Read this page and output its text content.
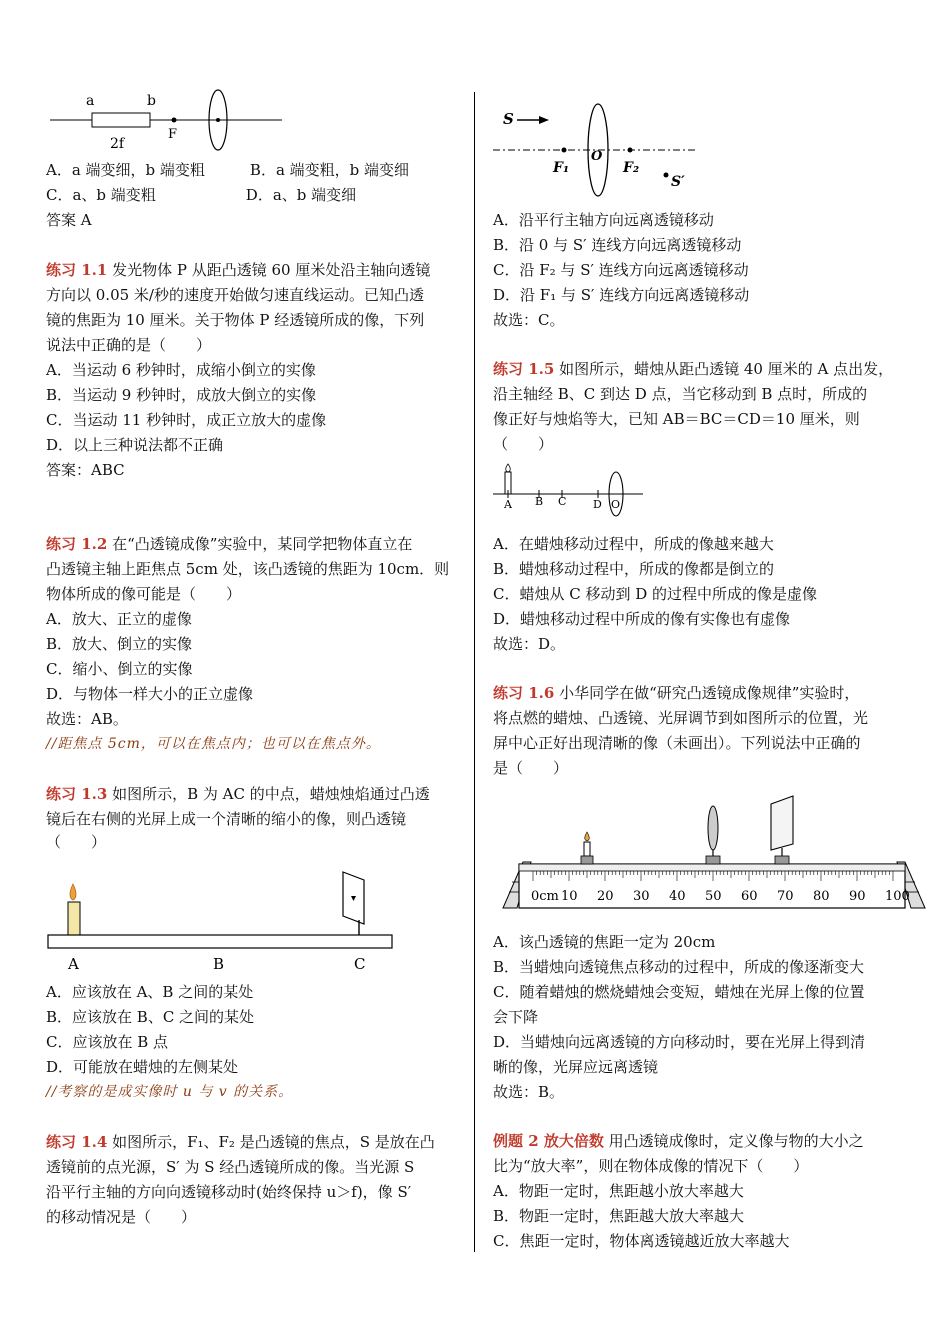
a	b
2f
F
A．a 端变细，b 端变粗　　　B．a 端变粗，b 端变细
C．a、b 端变粗　　　　　　D．a、b 端变细
答案 A
练习 1.1 发光物体 P 从距凸透镜 60 厘米处沿主轴向透镜
方向以 0.05 米/秒的速度开始做匀速直线运动。已知凸透
镜的焦距为 10 厘米。关于物体 P 经透镜所成的像，下列
说法中正确的是（　　）
A．当运动 6 秒钟时，成缩小倒立的实像
B．当运动 9 秒钟时，成放大倒立的实像
C．当运动 11 秒钟时，成正立放大的虚像
D．以上三种说法都不正确
答案：ABC
练习 1.2 在“凸透镜成像”实验中，某同学把物体直立在
凸透镜主轴上距焦点 5cm 处，该凸透镜的焦距为 10cm．则
物体所成的像可能是（　　）
A．放大、正立的虚像
B．放大、倒立的实像
C．缩小、倒立的实像
D．与物体一样大小的正立虚像
故选：AB。
//距焦点 5cm，可以在焦点内；也可以在焦点外。
练习 1.3 如图所示，B 为 AC 的中点，蜡烛烛焰通过凸透
镜后在右侧的光屏上成一个清晰的缩小的像，则凸透镜
（　　）
A	B	C
A．应该放在 A、B 之间的某处
B．应该放在 B、C 之间的某处
C．应该放在 B 点
D．可能放在蜡烛的左侧某处
//考察的是成实像时 u 与 v 的关系。
练习 1.4 如图所示，F₁、F₂ 是凸透镜的焦点，S 是放在凸
透镜前的点光源，S′ 为 S 经凸透镜所成的像。当光源 S
沿平行主轴的方向向透镜移动时(始终保持 u＞f)，像 S′
的移动情况是（　　）
S
F₁
O
F₂
S′
A．沿平行主轴方向远离透镜移动
B．沿 0 与 S′ 连线方向远离透镜移动
C．沿 F₂ 与 S′ 连线方向远离透镜移动
D．沿 F₁ 与 S′ 连线方向远离透镜移动
故选：C。
练习 1.5 如图所示，蜡烛从距凸透镜 40 厘米的 A 点出发，
沿主轴经 B、C 到达 D 点，当它移动到 B 点时，所成的
像正好与烛焰等大，已知 AB＝BC＝CD＝10 厘米，则
（　　）
A B C D O
A．在蜡烛移动过程中，所成的像越来越大
B．蜡烛移动过程中，所成的像都是倒立的
C．蜡烛从 C 移动到 D 的过程中所成的像是虚像
D．蜡烛移动过程中所成的像有实像也有虚像
故选：D。
练习 1.6 小华同学在做“研究凸透镜成像规律”实验时，
将点燃的蜡烛、凸透镜、光屏调节到如图所示的位置，光
屏中心正好出现清晰的像（未画出）。下列说法中正确的
是（　　）
0cm 10 20 30 40 50 60 70 80 90 100
A．该凸透镜的焦距一定为 20cm
B．当蜡烛向透镜焦点移动的过程中，所成的像逐渐变大
C．随着蜡烛的燃烧蜡烛会变短，蜡烛在光屏上像的位置
会下降
D．当蜡烛向远离透镜的方向移动时，要在光屏上得到清
晰的像，光屏应远离透镜
故选：B。
例题 2 放大倍数 用凸透镜成像时，定义像与物的大小之
比为“放大率”，则在物体成像的情况下（　　）
A．物距一定时，焦距越小放大率越大
B．物距一定时，焦距越大放大率越大
C．焦距一定时，物体离透镜越近放大率越大
